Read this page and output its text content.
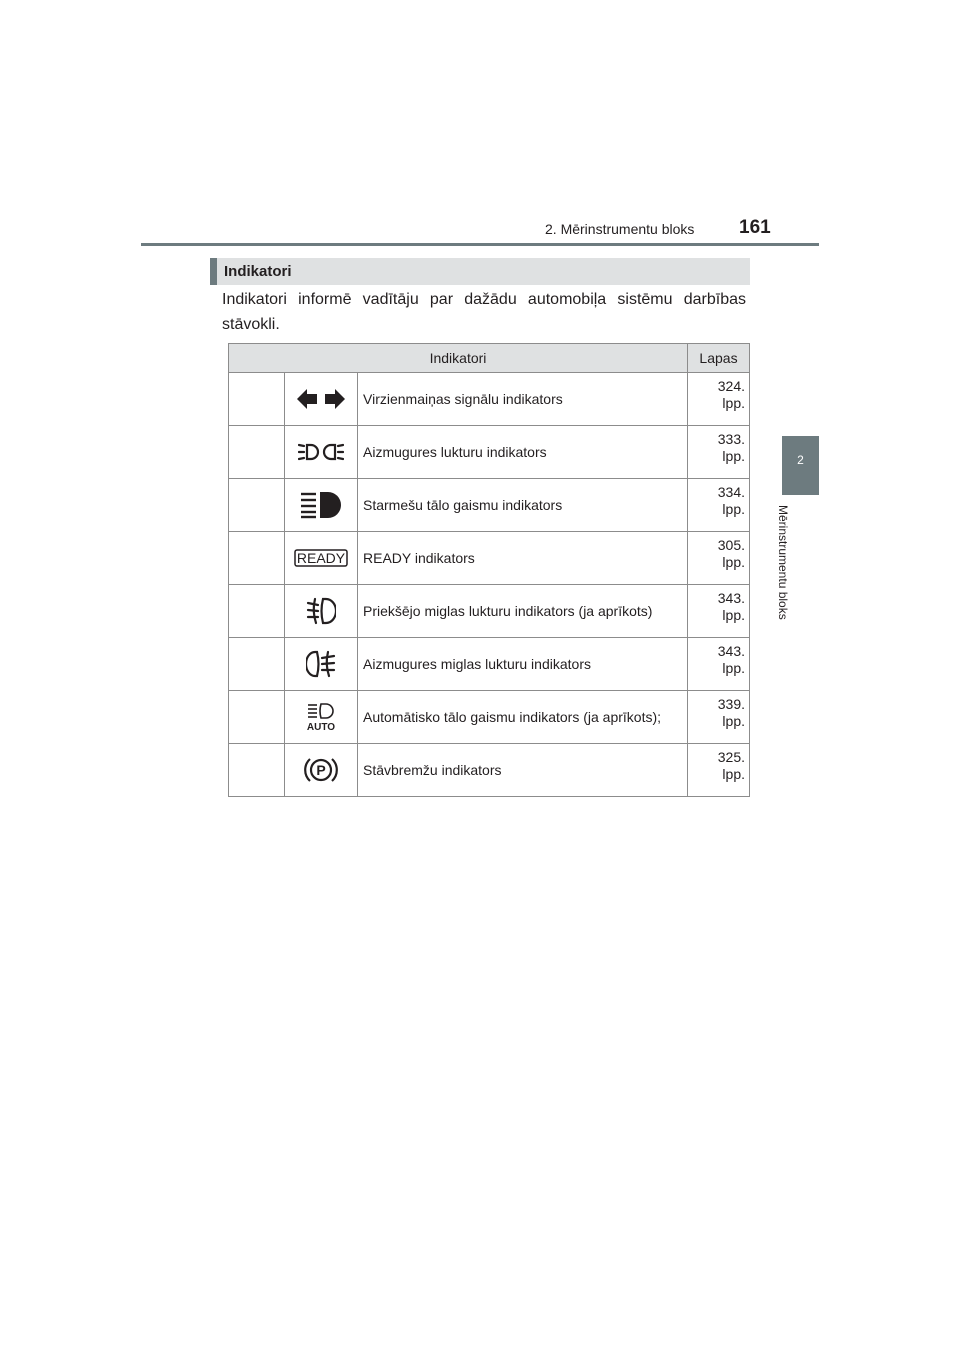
2. Mērinstrumentu bloks 161
2
Mērinstrumentu bloks
Indikatori
Indikatori informē vadītāju par dažādu automobiļa sistēmu darbības stāvokli.
Indikatori			Lapas
		Virzienmaiņas signālu indikators	324.
lpp.

		Aizmugures lukturu indikators	333.
lpp.

		Starmešu tālo gaismu indikators	334.
lpp.

READY	READY indikators	305.
lpp.

		Priekšējo miglas lukturu indikators (ja aprīkots)	343.
lpp.

		Aizmugures miglas lukturu indikators	343.
lpp.

AUTO	Automātisko tālo gaismu indikators (ja aprīkots);	339.
lpp.

P	Stāvbremžu indikators	325.
lpp.
